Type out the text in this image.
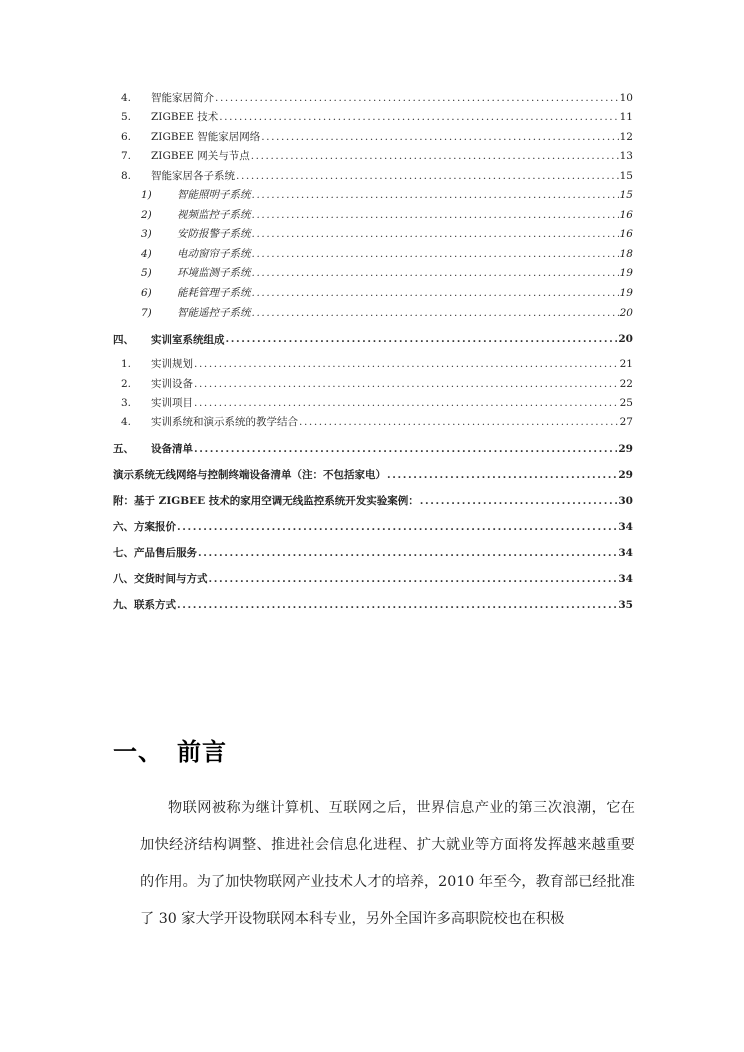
4.	智能家居简介 .....	10
5.	ZIGBEE 技术 .....	11
6.	ZIGBEE 智能家居网络 .....	12
7.	ZIGBEE 网关与节点 .....	13
8.	智能家居各子系统 .....	15
1)	智能照明子系统 .....	15
2)	视频监控子系统 .....	16
3)	安防报警子系统 .....	16
4)	电动窗帘子系统 .....	18
5)	环境监测子系统 .....	19
6)	能耗管理子系统 .....	19
7)	智能遥控子系统 .....	20
四、	实训室系统组成 .....	20
1.	实训规划 .....	21
2.	实训设备 .....	22
3.	实训项目 .....	25
4.	实训系统和演示系统的教学结合 .....	27
五、	设备清单 .....	29
演示系统无线网络与控制终端设备清单（注：不包括家电） .....	29
附：基于 ZIGBEE 技术的家用空调无线监控系统开发实验案例： .....	30
六、方案报价 .....	34
七、产品售后服务 .....	34
八、交货时间与方式 .....	34
九、联系方式 .....	35
一、 前言

物联网被称为继计算机、互联网之后，世界信息产业的第三次浪潮，它在加快经济结构调整、推进社会信息化进程、扩大就业等方面将发挥越来越重要的作用。为了加快物联网产业技术人才的培养，2010 年至今，教育部已经批准了 30 家大学开设物联网本科专业，另外全国许多高职院校也在积极
